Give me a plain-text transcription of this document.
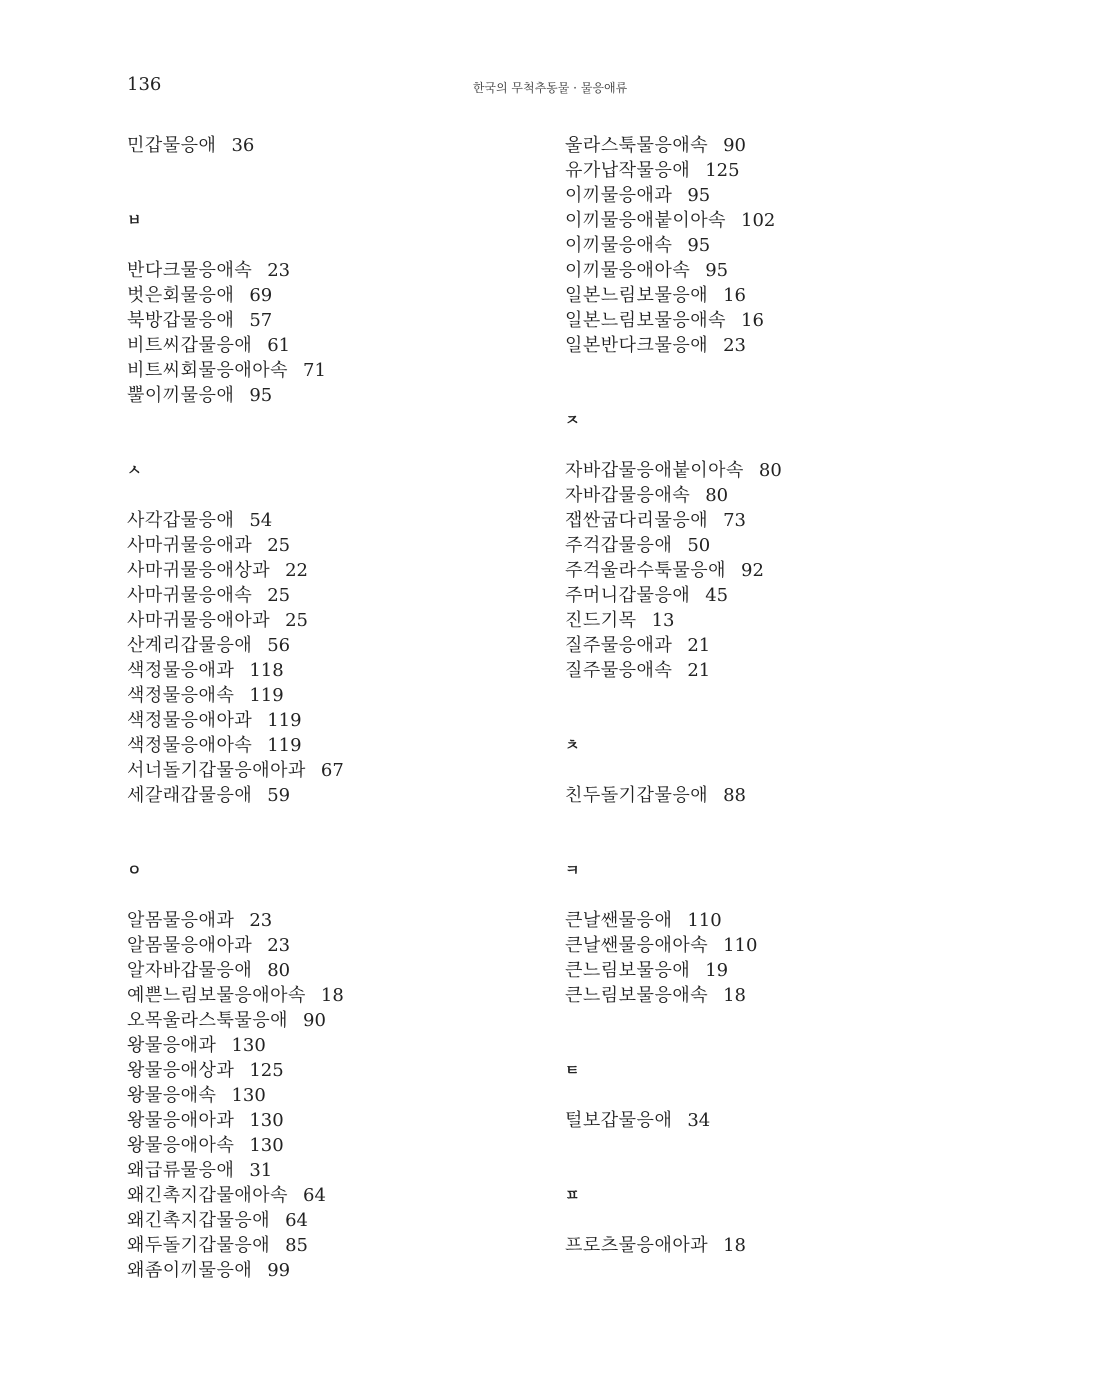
136	한국의 무척추동물 · 물응애류
민갑물응애 36
ㅂ
반다크물응애속 23
벗은회물응애 69
북방갑물응애 57
비트씨갑물응애 61
비트씨회물응애아속 71
뿔이끼물응애 95
ㅅ
사각갑물응애 54
사마귀물응애과 25
사마귀물응애상과 22
사마귀물응애속 25
사마귀물응애아과 25
산계리갑물응애 56
색정물응애과 118
색정물응애속 119
색정물응애아과 119
색정물응애아속 119
서너돌기갑물응애아과 67
세갈래갑물응애 59
ㅇ
알몸물응애과 23
알몸물응애아과 23
알자바갑물응애 80
예쁜느림보물응애아속 18
오목울라스툭물응애 90
왕물응애과 130
왕물응애상과 125
왕물응애속 130
왕물응애아과 130
왕물응애아속 130
왜급류물응애 31
왜긴촉지갑물애아속 64
왜긴촉지갑물응애 64
왜두돌기갑물응애 85
왜좀이끼물응애 99
울라스툭물응애속 90
유가납작물응애 125
이끼물응애과 95
이끼물응애붙이아속 102
이끼물응애속 95
이끼물응애아속 95
일본느림보물응애 16
일본느림보물응애속 16
일본반다크물응애 23
ㅈ
자바갑물응애붙이아속 80
자바갑물응애속 80
잽싼굽다리물응애 73
주걱갑물응애 50
주걱울라수툭물응애 92
주머니갑물응애 45
진드기목 13
질주물응애과 21
질주물응애속 21
ㅊ
친두돌기갑물응애 88
ㅋ
큰날쌘물응애 110
큰날쌘물응애아속 110
큰느림보물응애 19
큰느림보물응애속 18
ㅌ
털보갑물응애 34
ㅍ
프로츠물응애아과 18
